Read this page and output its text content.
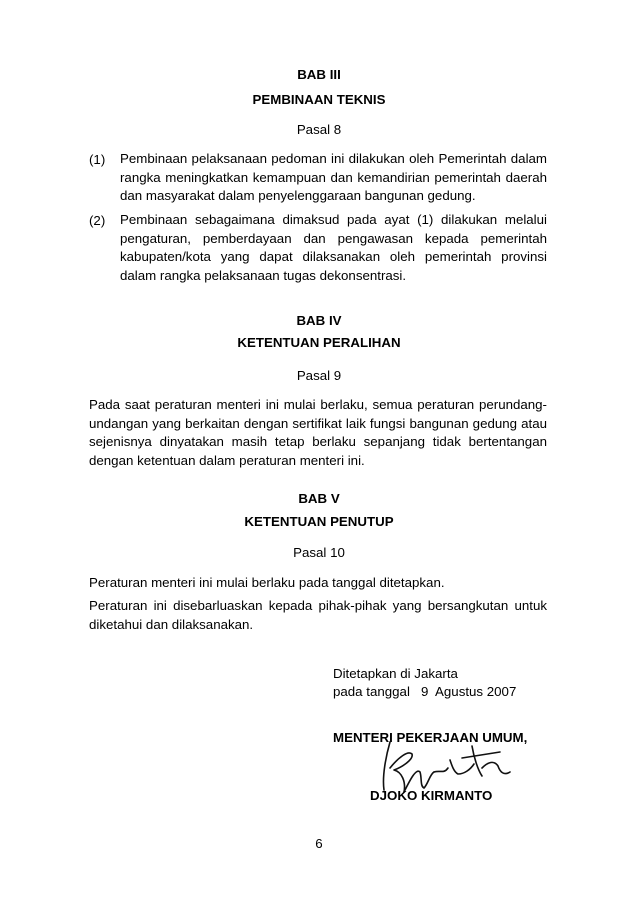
BAB III
PEMBINAAN TEKNIS
Pasal 8
(1) Pembinaan pelaksanaan pedoman ini dilakukan oleh Pemerintah dalam rangka meningkatkan kemampuan dan kemandirian pemerintah daerah dan masyarakat dalam penyelenggaraan bangunan gedung.
(2) Pembinaan sebagaimana dimaksud pada ayat (1) dilakukan melalui pengaturan, pemberdayaan dan pengawasan kepada pemerintah kabupaten/kota yang dapat dilaksanakan oleh pemerintah provinsi dalam rangka pelaksanaan tugas dekonsentrasi.
BAB IV
KETENTUAN PERALIHAN
Pasal 9
Pada saat peraturan menteri ini mulai berlaku, semua peraturan perundang-undangan yang berkaitan dengan sertifikat laik fungsi bangunan gedung atau sejenisnya dinyatakan masih tetap berlaku sepanjang tidak bertentangan dengan ketentuan dalam peraturan menteri ini.
BAB V
KETENTUAN PENUTUP
Pasal 10
Peraturan menteri ini mulai berlaku pada tanggal ditetapkan.
Peraturan ini disebarluaskan kepada pihak-pihak yang bersangkutan untuk diketahui dan dilaksanakan.
Ditetapkan di Jakarta
pada tanggal   9  Agustus 2007
MENTERI PEKERJAAN UMUM,
DJOKO KIRMANTO
6
